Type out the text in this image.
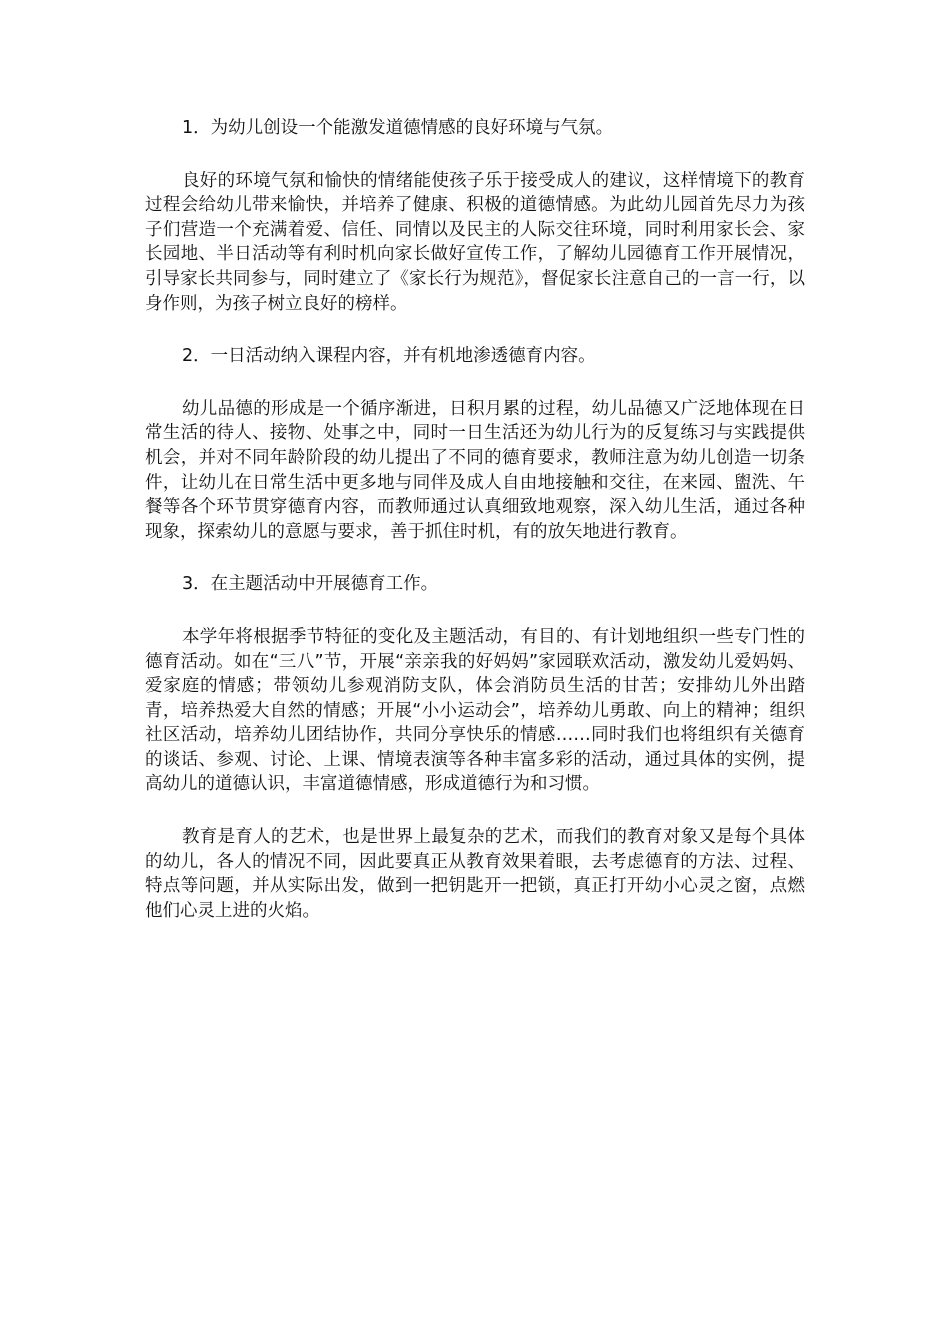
1．为幼儿创设一个能激发道德情感的良好环境与气氛。

良好的环境气氛和愉快的情绪能使孩子乐于接受成人的建议，这样情境下的教育过程会给幼儿带来愉快，并培养了健康、积极的道德情感。为此幼儿园首先尽力为孩子们营造一个充满着爱、信任、同情以及民主的人际交往环境，同时利用家长会、家长园地、半日活动等有利时机向家长做好宣传工作，了解幼儿园德育工作开展情况，引导家长共同参与，同时建立了《家长行为规范》，督促家长注意自己的一言一行，以身作则，为孩子树立良好的榜样。

2．一日活动纳入课程内容，并有机地渗透德育内容。

幼儿品德的形成是一个循序渐进，日积月累的过程，幼儿品德又广泛地体现在日常生活的待人、接物、处事之中，同时一日生活还为幼儿行为的反复练习与实践提供机会，并对不同年龄阶段的幼儿提出了不同的德育要求，教师注意为幼儿创造一切条件，让幼儿在日常生活中更多地与同伴及成人自由地接触和交往，在来园、盥洗、午餐等各个环节贯穿德育内容，而教师通过认真细致地观察，深入幼儿生活，通过各种现象，探索幼儿的意愿与要求，善于抓住时机，有的放矢地进行教育。

3．在主题活动中开展德育工作。

本学年将根据季节特征的变化及主题活动，有目的、有计划地组织一些专门性的德育活动。如在“三八”节，开展“亲亲我的好妈妈”家园联欢活动，激发幼儿爱妈妈、爱家庭的情感；带领幼儿参观消防支队，体会消防员生活的甘苦；安排幼儿外出踏青，培养热爱大自然的情感；开展“小小运动会”，培养幼儿勇敢、向上的精神；组织社区活动，培养幼儿团结协作，共同分享快乐的情感……同时我们也将组织有关德育的谈话、参观、讨论、上课、情境表演等各种丰富多彩的活动，通过具体的实例，提高幼儿的道德认识，丰富道德情感，形成道德行为和习惯。

教育是育人的艺术，也是世界上最复杂的艺术，而我们的教育对象又是每个具体的幼儿，各人的情况不同，因此要真正从教育效果着眼，去考虑德育的方法、过程、特点等问题，并从实际出发，做到一把钥匙开一把锁，真正打开幼小心灵之窗，点燃他们心灵上进的火焰。
